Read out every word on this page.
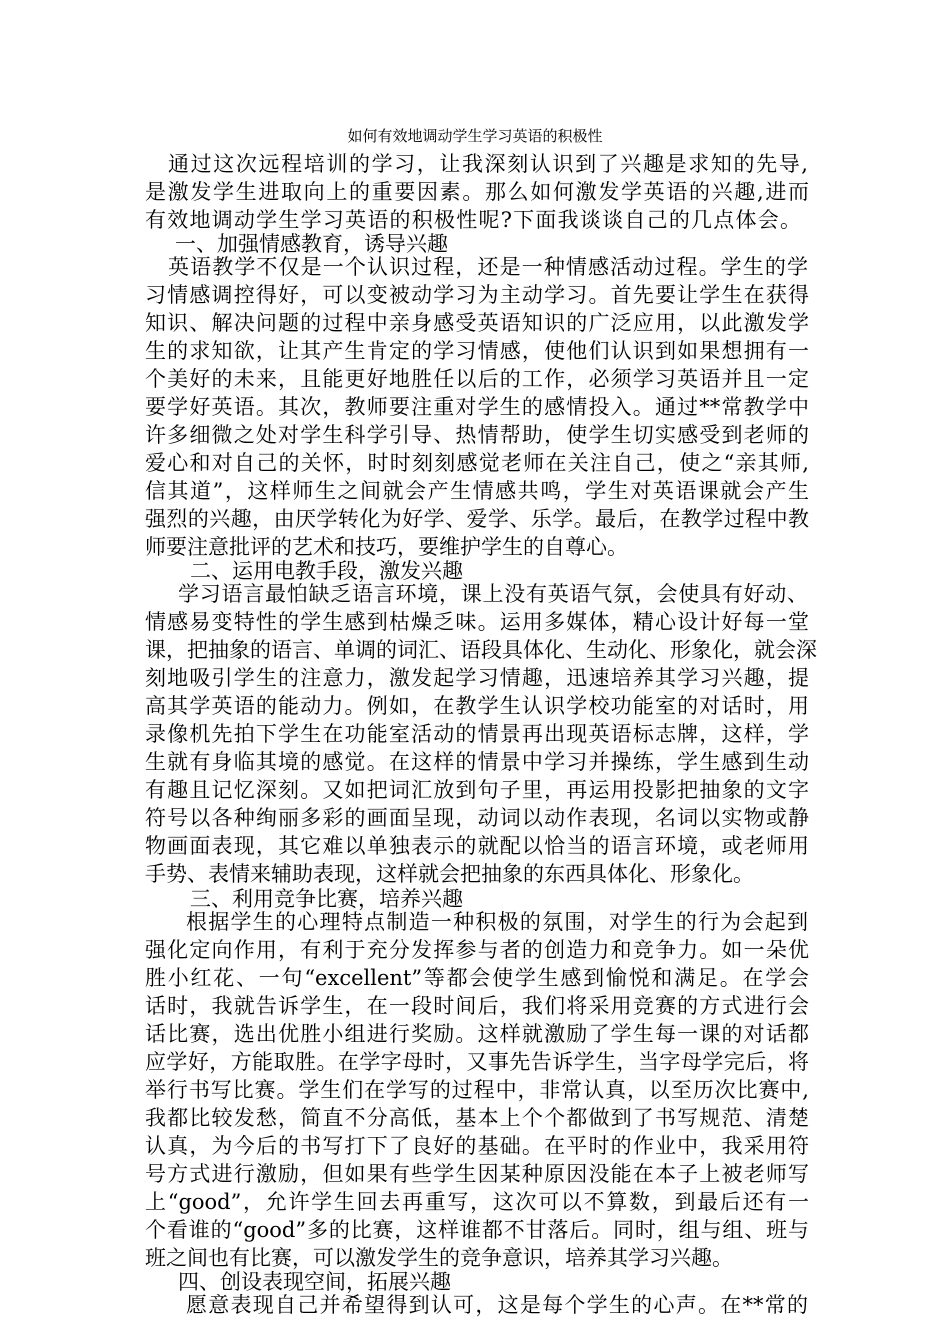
如何有效地调动学生学习英语的积极性
通过这次远程培训的学习，让我深刻认识到了兴趣是求知的先导,
是激发学生进取向上的重要因素。那么如何激发学英语的兴趣,进而
有效地调动学生学习英语的积极性呢?下面我谈谈自己的几点体会。
一、加强情感教育，诱导兴趣
英语教学不仅是一个认识过程，还是一种情感活动过程。学生的学
习情感调控得好，可以变被动学习为主动学习。首先要让学生在获得
知识、解决问题的过程中亲身感受英语知识的广泛应用，以此激发学
生的求知欲，让其产生肯定的学习情感，使他们认识到如果想拥有一
个美好的未来，且能更好地胜任以后的工作，必须学习英语并且一定
要学好英语。其次，教师要注重对学生的感情投入。通过**常教学中
许多细微之处对学生科学引导、热情帮助，使学生切实感受到老师的
爱心和对自己的关怀，时时刻刻感觉老师在关注自己，使之“亲其师,
信其道”，这样师生之间就会产生情感共鸣，学生对英语课就会产生
强烈的兴趣，由厌学转化为好学、爱学、乐学。最后，在教学过程中教
师要注意批评的艺术和技巧，要维护学生的自尊心。
二、运用电教手段，激发兴趣
学习语言最怕缺乏语言环境，课上没有英语气氛，会使具有好动、
情感易变特性的学生感到枯燥乏味。运用多媒体，精心设计好每一堂
课，把抽象的语言、单调的词汇、语段具体化、生动化、形象化，就会深
刻地吸引学生的注意力，激发起学习情趣，迅速培养其学习兴趣，提
高其学英语的能动力。例如，在教学生认识学校功能室的对话时，用
录像机先拍下学生在功能室活动的情景再出现英语标志牌，这样，学
生就有身临其境的感觉。在这样的情景中学习并操练，学生感到生动
有趣且记忆深刻。又如把词汇放到句子里，再运用投影把抽象的文字
符号以各种绚丽多彩的画面呈现，动词以动作表现，名词以实物或静
物画面表现，其它难以单独表示的就配以恰当的语言环境，或老师用
手势、表情来辅助表现，这样就会把抽象的东西具体化、形象化。
三、利用竞争比赛，培养兴趣
根据学生的心理特点制造一种积极的氛围，对学生的行为会起到
强化定向作用，有利于充分发挥参与者的创造力和竞争力。如一朵优
胜小红花、一句“excellent”等都会使学生感到愉悦和满足。在学会
话时，我就告诉学生，在一段时间后，我们将采用竞赛的方式进行会
话比赛，选出优胜小组进行奖励。这样就激励了学生每一课的对话都
应学好，方能取胜。在学字母时，又事先告诉学生，当字母学完后，将
举行书写比赛。学生们在学写的过程中，非常认真，以至历次比赛中,
我都比较发愁，简直不分高低，基本上个个都做到了书写规范、清楚
认真，为今后的书写打下了良好的基础。在平时的作业中，我采用符
号方式进行激励，但如果有些学生因某种原因没能在本子上被老师写
上“good”，允许学生回去再重写，这次可以不算数，到最后还有一
个看谁的“good”多的比赛，这样谁都不甘落后。同时，组与组、班与
班之间也有比赛，可以激发学生的竞争意识，培养其学习兴趣。
四、创设表现空间，拓展兴趣
愿意表现自己并希望得到认可，这是每个学生的心声。在**常的
